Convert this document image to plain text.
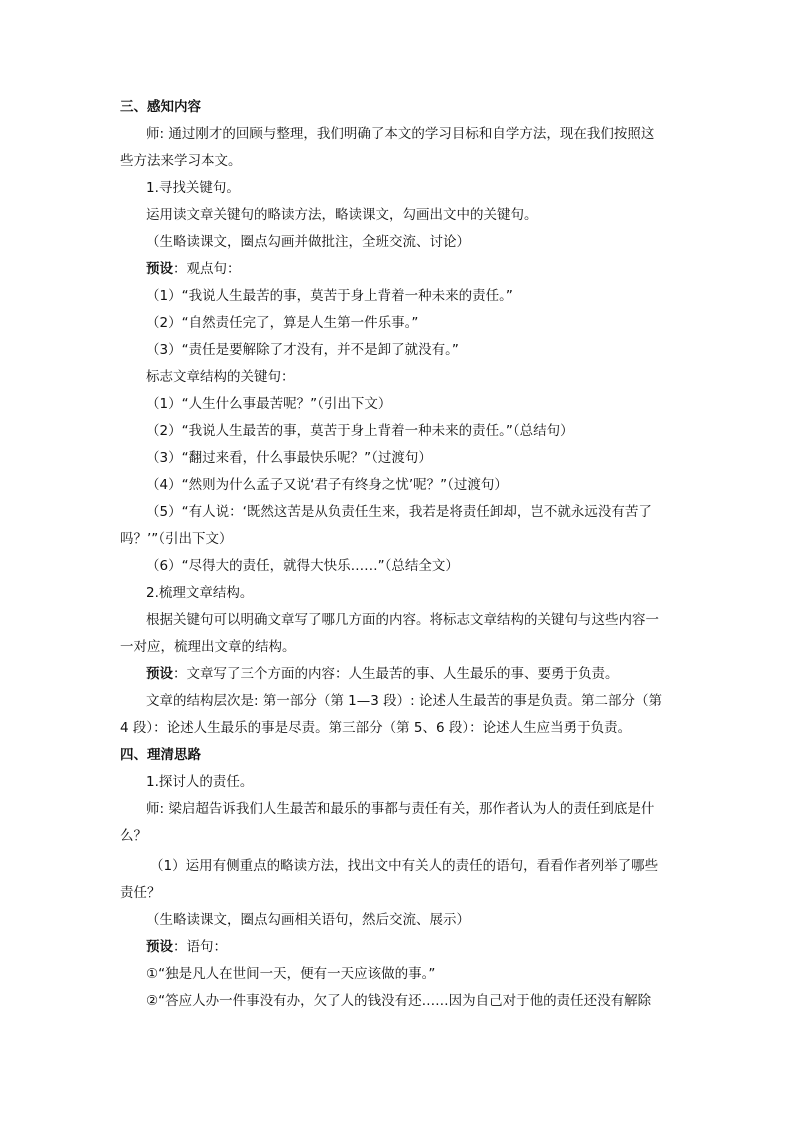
三、感知内容
师: 通过刚才的回顾与整理，我们明确了本文的学习目标和自学方法，现在我们按照这
些方法来学习本文。
1.寻找关键句。
运用读文章关键句的略读方法，略读课文，勾画出文中的关键句。
（生略读课文，圈点勾画并做批注，全班交流、讨论）
预设：观点句：
（1）“我说人生最苦的事，莫苦于身上背着一种未来的责任。”
（2）“自然责任完了，算是人生第一件乐事。”
（3）“责任是要解除了才没有，并不是卸了就没有。”
标志文章结构的关键句：
（1）“人生什么事最苦呢？”（引出下文）
（2）“我说人生最苦的事，莫苦于身上背着一种未来的责任。”（总结句）
（3）“翻过来看，什么事最快乐呢？”（过渡句）
（4）“然则为什么孟子又说‘君子有终身之忧’呢？”（过渡句）
（5）“有人说：‘既然这苦是从负责任生来，我若是将责任卸却，岂不就永远没有苦了
吗？’”（引出下文）
（6）“尽得大的责任，就得大快乐……”（总结全文）
2.梳理文章结构。
根据关键句可以明确文章写了哪几方面的内容。将标志文章结构的关键句与这些内容一
一对应，梳理出文章的结构。
预设：文章写了三个方面的内容：人生最苦的事、人生最乐的事、要勇于负责。
文章的结构层次是: 第一部分（第 1—3 段）: 论述人生最苦的事是负责。第二部分（第
4 段）：论述人生最乐的事是尽责。第三部分（第 5、6 段）：论述人生应当勇于负责。
四、理清思路
1.探讨人的责任。
师: 梁启超告诉我们人生最苦和最乐的事都与责任有关，那作者认为人的责任到底是什
么？
（1）运用有侧重点的略读方法，找出文中有关人的责任的语句，看看作者列举了哪些
责任？
（生略读课文，圈点勾画相关语句，然后交流、展示）
预设：语句：
①“独是凡人在世间一天，便有一天应该做的事。”
②“答应人办一件事没有办，欠了人的钱没有还……因为自己对于他的责任还没有解除
